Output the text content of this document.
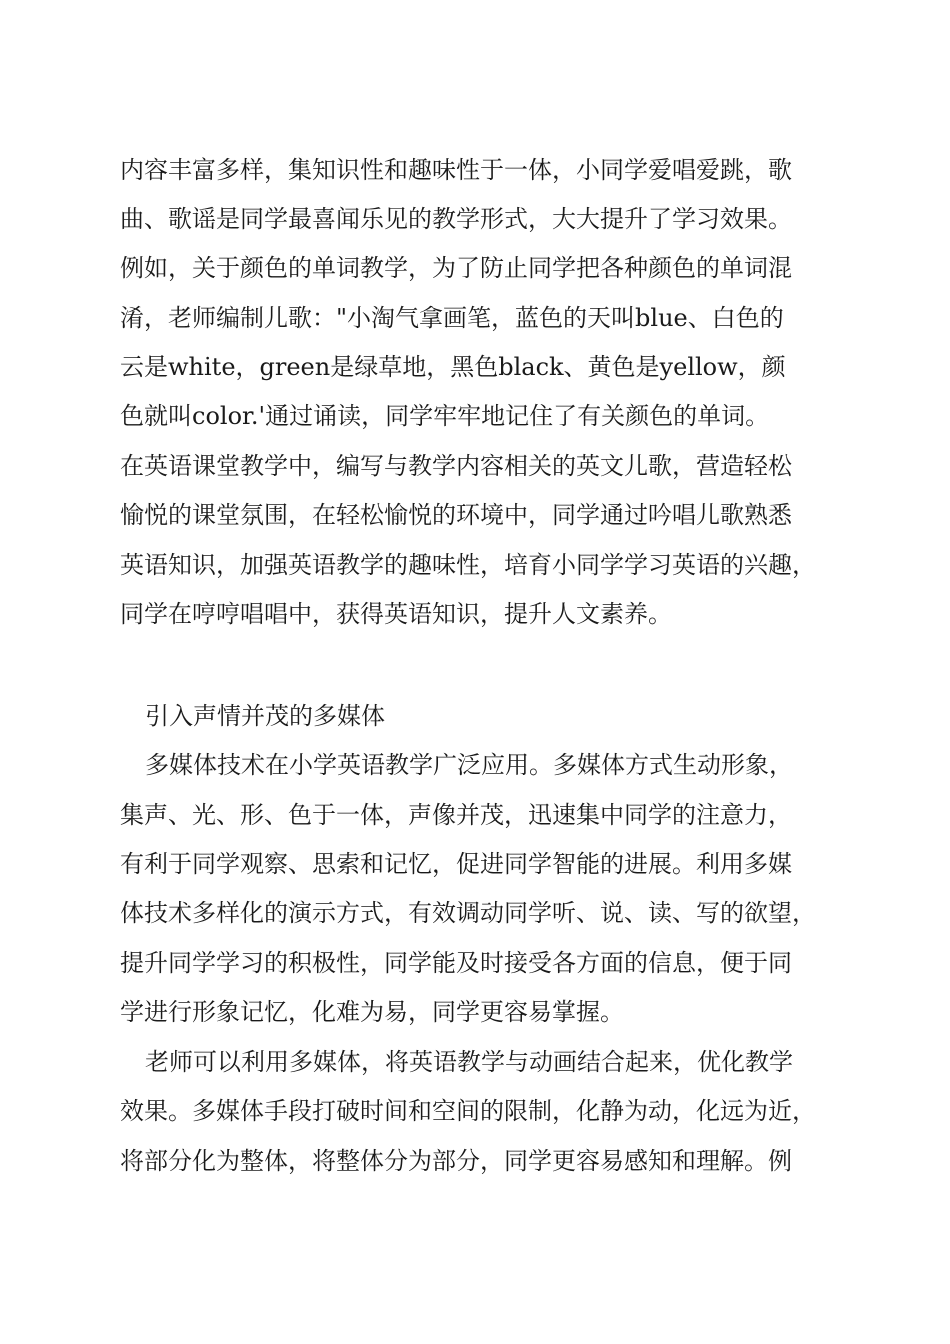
内容丰富多样，集知识性和趣味性于一体，小同学爱唱爱跳，歌
曲、歌谣是同学最喜闻乐见的教学形式，大大提升了学习效果。
例如，关于颜色的单词教学，为了防止同学把各种颜色的单词混
淆，老师编制儿歌："小淘气拿画笔，蓝色的天叫blue、白色的
云是white，green是绿草地，黑色black、黄色是yellow，颜
色就叫color.'通过诵读，同学牢牢地记住了有关颜色的单词。
在英语课堂教学中，编写与教学内容相关的英文儿歌，营造轻松
愉悦的课堂氛围，在轻松愉悦的环境中，同学通过吟唱儿歌熟悉
英语知识，加强英语教学的趣味性，培育小同学学习英语的兴趣，
同学在哼哼唱唱中，获得英语知识，提升人文素养。
引入声情并茂的多媒体
多媒体技术在小学英语教学广泛应用。多媒体方式生动形象，
集声、光、形、色于一体，声像并茂，迅速集中同学的注意力，
有利于同学观察、思索和记忆，促进同学智能的进展。利用多媒
体技术多样化的演示方式，有效调动同学听、说、读、写的欲望，
提升同学学习的积极性，同学能及时接受各方面的信息，便于同
学进行形象记忆，化难为易，同学更容易掌握。
老师可以利用多媒体，将英语教学与动画结合起来，优化教学
效果。多媒体手段打破时间和空间的限制，化静为动，化远为近，
将部分化为整体，将整体分为部分，同学更容易感知和理解。例
